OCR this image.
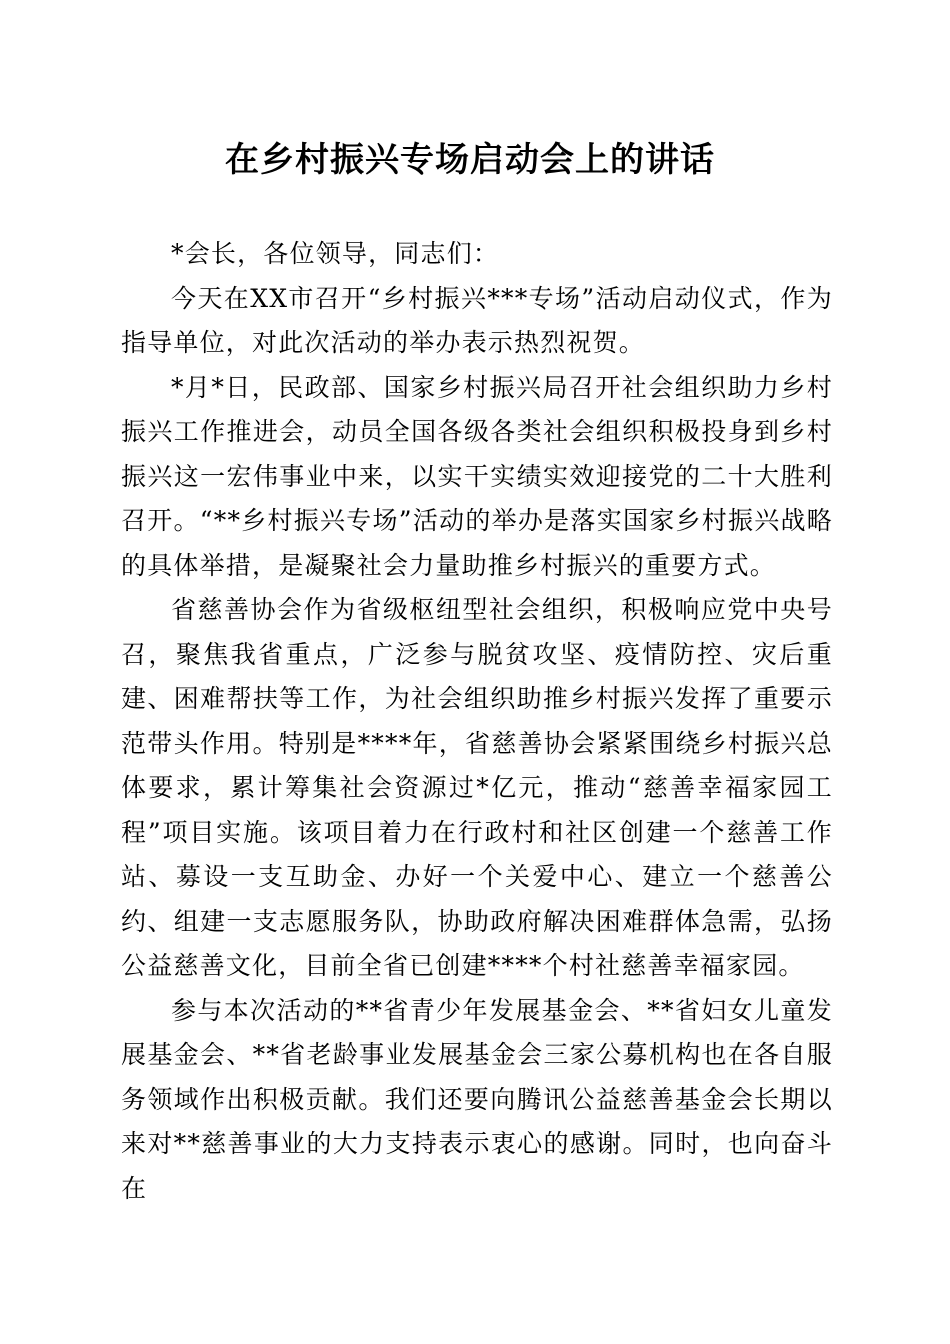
在乡村振兴专场启动会上的讲话

*会长，各位领导，同志们：

今天在XX市召开“乡村振兴***专场”活动启动仪式，作为指导单位，对此次活动的举办表示热烈祝贺。

*月*日，民政部、国家乡村振兴局召开社会组织助力乡村振兴工作推进会，动员全国各级各类社会组织积极投身到乡村振兴这一宏伟事业中来，以实干实绩实效迎接党的二十大胜利召开。“**乡村振兴专场”活动的举办是落实国家乡村振兴战略的具体举措，是凝聚社会力量助推乡村振兴的重要方式。

省慈善协会作为省级枢纽型社会组织，积极响应党中央号召，聚焦我省重点，广泛参与脱贫攻坚、疫情防控、灾后重建、困难帮扶等工作，为社会组织助推乡村振兴发挥了重要示范带头作用。特别是****年，省慈善协会紧紧围绕乡村振兴总体要求，累计筹集社会资源过*亿元，推动“慈善幸福家园工程”项目实施。该项目着力在行政村和社区创建一个慈善工作站、募设一支互助金、办好一个关爱中心、建立一个慈善公约、组建一支志愿服务队，协助政府解决困难群体急需，弘扬公益慈善文化，目前全省已创建****个村社慈善幸福家园。

参与本次活动的**省青少年发展基金会、**省妇女儿童发展基金会、**省老龄事业发展基金会三家公募机构也在各自服务领域作出积极贡献。我们还要向腾讯公益慈善基金会长期以来对**慈善事业的大力支持表示衷心的感谢。同时，也向奋斗在
